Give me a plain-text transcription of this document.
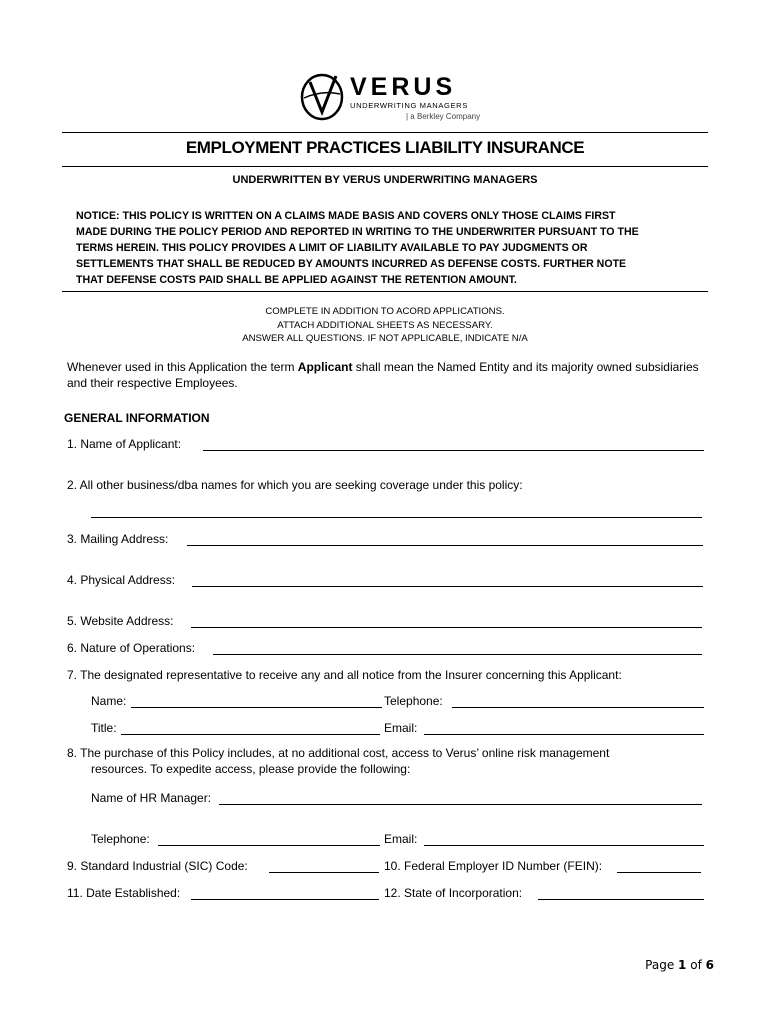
VERUS
UNDERWRITING MANAGERS
| a Berkley Company
EMPLOYMENT PRACTICES LIABILITY INSURANCE
UNDERWRITTEN BY VERUS UNDERWRITING MANAGERS
NOTICE: THIS POLICY IS WRITTEN ON A CLAIMS MADE BASIS AND COVERS ONLY THOSE CLAIMS FIRST
MADE DURING THE POLICY PERIOD AND REPORTED IN WRITING TO THE UNDERWRITER PURSUANT TO THE
TERMS HEREIN. THIS POLICY PROVIDES A LIMIT OF LIABILITY AVAILABLE TO PAY JUDGMENTS OR
SETTLEMENTS THAT SHALL BE REDUCED BY AMOUNTS INCURRED AS DEFENSE COSTS. FURTHER NOTE
THAT DEFENSE COSTS PAID SHALL BE APPLIED AGAINST THE RETENTION AMOUNT.
COMPLETE IN ADDITION TO ACORD APPLICATIONS.
ATTACH ADDITIONAL SHEETS AS NECESSARY.
ANSWER ALL QUESTIONS. IF NOT APPLICABLE, INDICATE N/A
Whenever used in this Application the term Applicant shall mean the Named Entity and its majority owned subsidiaries and their respective Employees.
GENERAL INFORMATION
1. Name of Applicant:
2. All other business/dba names for which you are seeking coverage under this policy:
3. Mailing Address:
4. Physical Address:
5. Website Address:
6. Nature of Operations:
7. The designated representative to receive any and all notice from the Insurer concerning this Applicant:
Name:	Telephone:
Title:	Email:
8. The purchase of this Policy includes, at no additional cost, access to Verus’ online risk management
resources. To expedite access, please provide the following:
Name of HR Manager:
Telephone:	Email:
9. Standard Industrial (SIC) Code:	10. Federal Employer ID Number (FEIN):
11. Date Established:	12. State of Incorporation:
Page 1 of 6
